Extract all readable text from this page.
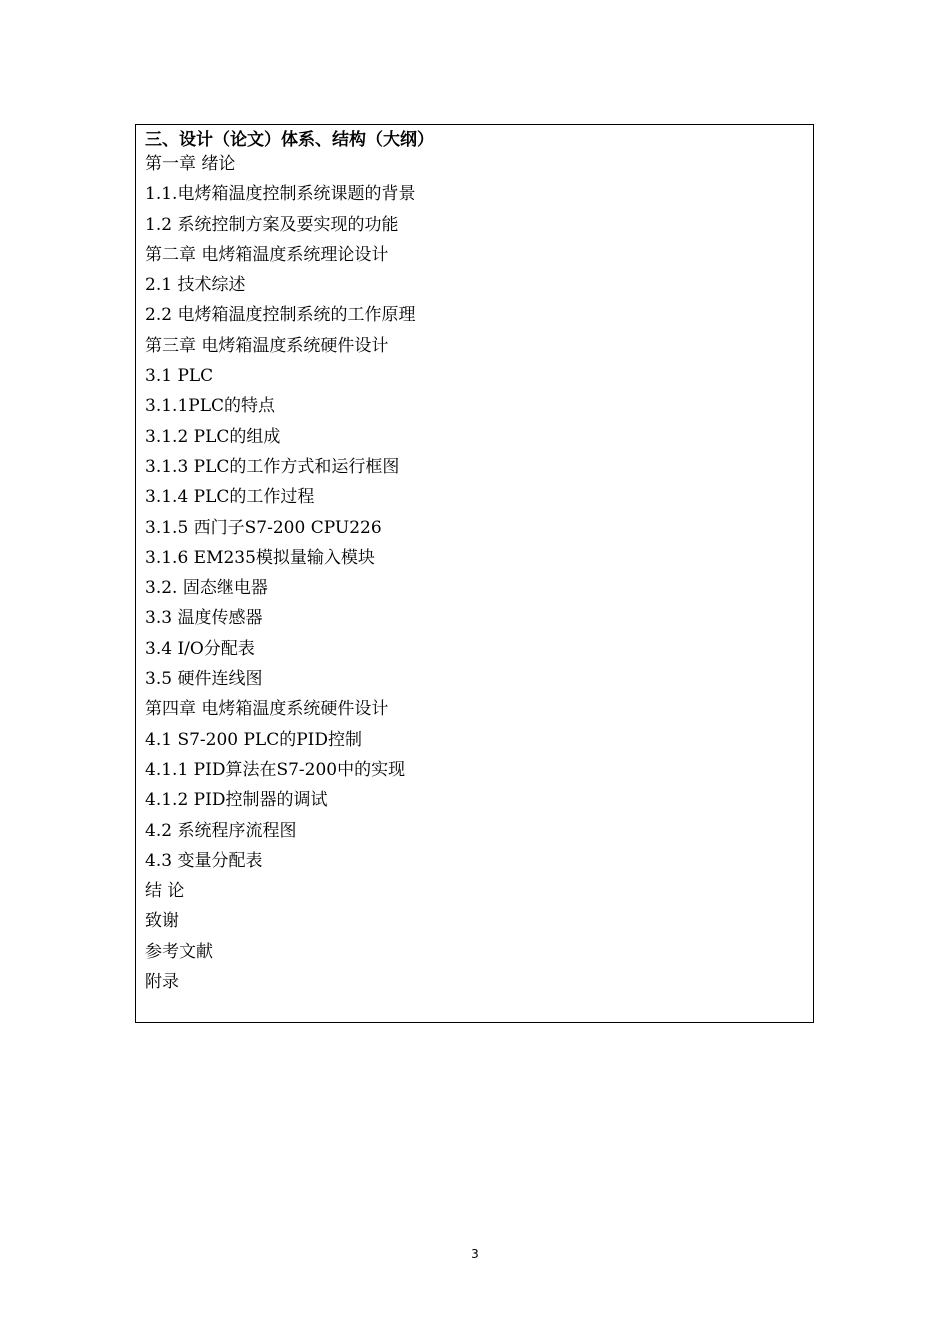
三、设计（论文）体系、结构（大纲）
第一章 绪论
1.1.电烤箱温度控制系统课题的背景
1.2 系统控制方案及要实现的功能
第二章 电烤箱温度系统理论设计
2.1 技术综述
2.2 电烤箱温度控制系统的工作原理
第三章 电烤箱温度系统硬件设计
3.1 PLC
3.1.1PLC的特点
3.1.2 PLC的组成
3.1.3 PLC的工作方式和运行框图
3.1.4 PLC的工作过程
3.1.5 西门子S7-200 CPU226
3.1.6 EM235模拟量输入模块
3.2. 固态继电器
3.3 温度传感器
3.4 I/O分配表
3.5 硬件连线图
第四章 电烤箱温度系统硬件设计
4.1 S7-200 PLC的PID控制
4.1.1 PID算法在S7-200中的实现
4.1.2 PID控制器的调试
4.2 系统程序流程图
4.3 变量分配表
结 论
致谢
参考文献
附录
3
